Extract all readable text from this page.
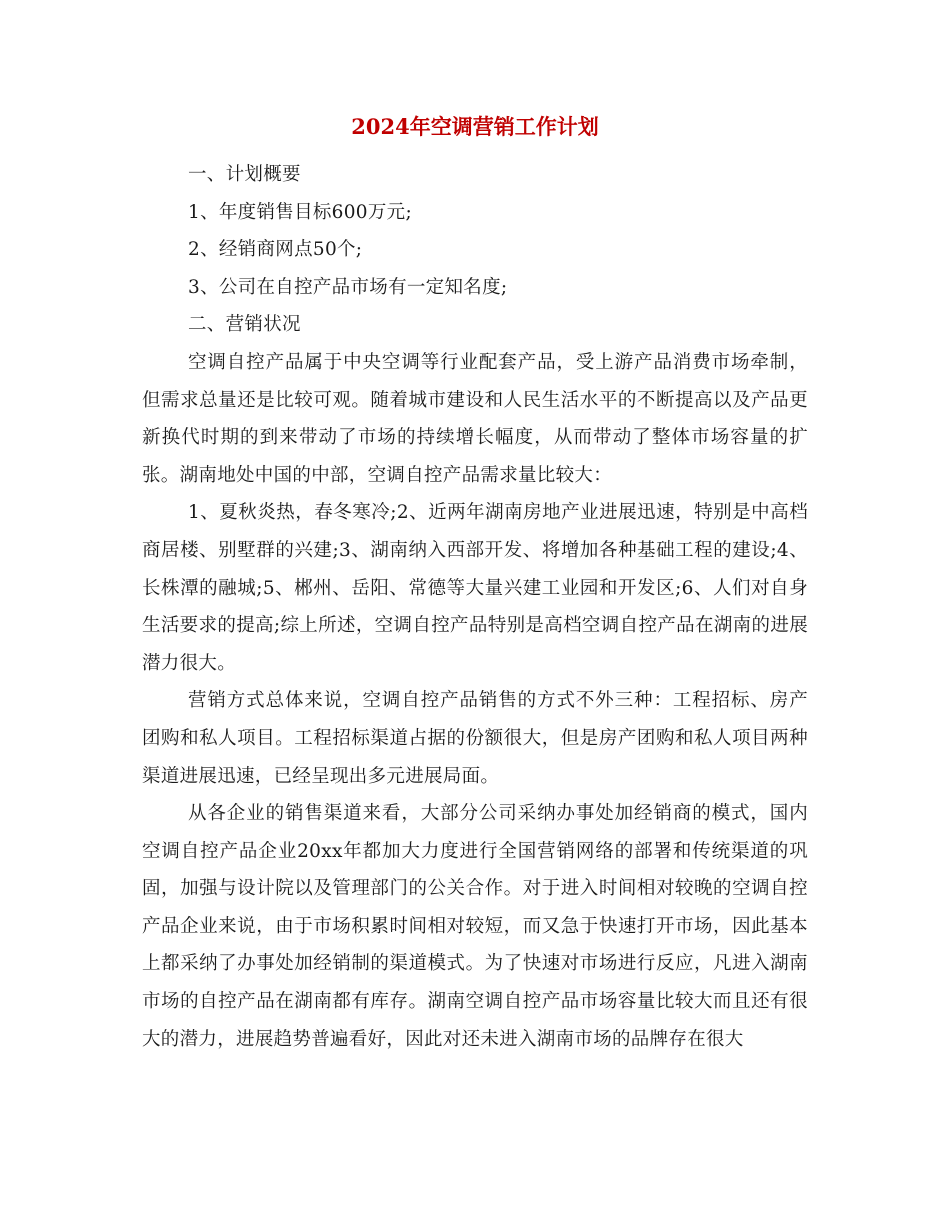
2024年空调营销工作计划

一、计划概要

1、年度销售目标600万元;

2、经销商网点50个;

3、公司在自控产品市场有一定知名度;

二、营销状况

空调自控产品属于中央空调等行业配套产品，受上游产品消费市场牵制，但需求总量还是比较可观。随着城市建设和人民生活水平的不断提高以及产品更新换代时期的到来带动了市场的持续增长幅度，从而带动了整体市场容量的扩张。湖南地处中国的中部，空调自控产品需求量比较大：

1、夏秋炎热，春冬寒冷;2、近两年湖南房地产业进展迅速，特别是中高档商居楼、别墅群的兴建;3、湖南纳入西部开发、将增加各种基础工程的建设;4、长株潭的融城;5、郴州、岳阳、常德等大量兴建工业园和开发区;6、人们对自身生活要求的提高;综上所述，空调自控产品特别是高档空调自控产品在湖南的进展潜力很大。

营销方式总体来说，空调自控产品销售的方式不外三种：工程招标、房产团购和私人项目。工程招标渠道占据的份额很大，但是房产团购和私人项目两种渠道进展迅速，已经呈现出多元进展局面。

从各企业的销售渠道来看，大部分公司采纳办事处加经销商的模式，国内空调自控产品企业20xx年都加大力度进行全国营销网络的部署和传统渠道的巩固，加强与设计院以及管理部门的公关合作。对于进入时间相对较晚的空调自控产品企业来说，由于市场积累时间相对较短，而又急于快速打开市场，因此基本上都采纳了办事处加经销制的渠道模式。为了快速对市场进行反应，凡进入湖南市场的自控产品在湖南都有库存。湖南空调自控产品市场容量比较大而且还有很大的潜力，进展趋势普遍看好，因此对还未进入湖南市场的品牌存在很大
